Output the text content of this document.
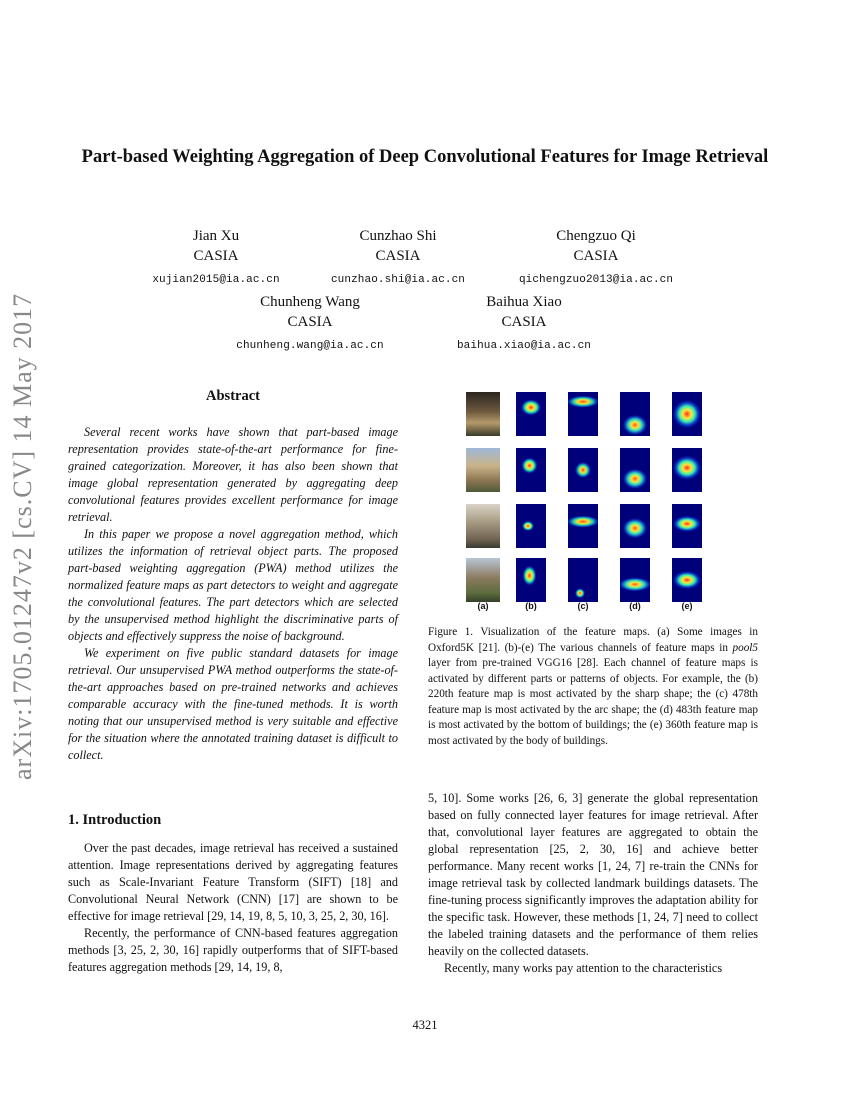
Part-based Weighting Aggregation of Deep Convolutional Features for Image Retrieval
Jian Xu
CASIA
xujian2015@ia.ac.cn
Cunzhao Shi
CASIA
cunzhao.shi@ia.ac.cn
Chengzuo Qi
CASIA
qichengzuo2013@ia.ac.cn
Chunheng Wang
CASIA
chunheng.wang@ia.ac.cn
Baihua Xiao
CASIA
baihua.xiao@ia.ac.cn
arXiv:1705.01247v2 [cs.CV] 14 May 2017	Abstract

Several recent works have shown that part-based image representation provides state-of-the-art performance for fine-grained categorization. Moreover, it has also been shown that image global representation generated by aggregating deep convolutional features provides excellent performance for image retrieval.

In this paper we propose a novel aggregation method, which utilizes the information of retrieval object parts. The proposed part-based weighting aggregation (PWA) method utilizes the normalized feature maps as part detectors to weight and aggregate the convolutional features. The part detectors which are selected by the unsupervised method highlight the discriminative parts of objects and effectively suppress the noise of background.

We experiment on five public standard datasets for image retrieval. Our unsupervised PWA method outperforms the state-of-the-art approaches based on pre-trained networks and achieves comparable accuracy with the fine-tuned methods. It is worth noting that our unsupervised method is very suitable and effective for the situation where the annotated training dataset is difficult to collect.

(a)	(b)	(c)	(d)	(e)
Figure 1. Visualization of the feature maps. (a) Some images in Oxford5K [21]. (b)-(e) The various channels of feature maps in pool5 layer from pre-trained VGG16 [28]. Each channel of feature maps is activated by different parts or patterns of objects. For example, the (b) 220th feature map is most activated by the sharp shape; the (c) 478th feature map is most activated by the arc shape; the (d) 483th feature map is most activated by the bottom of buildings; the (e) 360th feature map is most activated by the body of buildings.
1. Introduction

Over the past decades, image retrieval has received a sustained attention. Image representations derived by aggregating features such as Scale-Invariant Feature Transform (SIFT) [18] and Convolutional Neural Network (CNN) [17] are shown to be effective for image retrieval [29, 14, 19, 8, 5, 10, 3, 25, 2, 30, 16].

Recently, the performance of CNN-based features aggregation methods [3, 25, 2, 30, 16] rapidly outperforms that of SIFT-based features aggregation methods [29, 14, 19, 8,

5, 10]. Some works [26, 6, 3] generate the global representation based on fully connected layer features for image retrieval. After that, convolutional layer features are aggregated to obtain the global representation [25, 2, 30, 16] and achieve better performance. Many recent works [1, 24, 7] re-train the CNNs for image retrieval task by collected landmark buildings datasets. The fine-tuning process significantly improves the adaptation ability for the specific task. However, these methods [1, 24, 7] need to collect the labeled training datasets and the performance of them relies heavily on the collected datasets.

Recently, many works pay attention to the characteristics

4321
